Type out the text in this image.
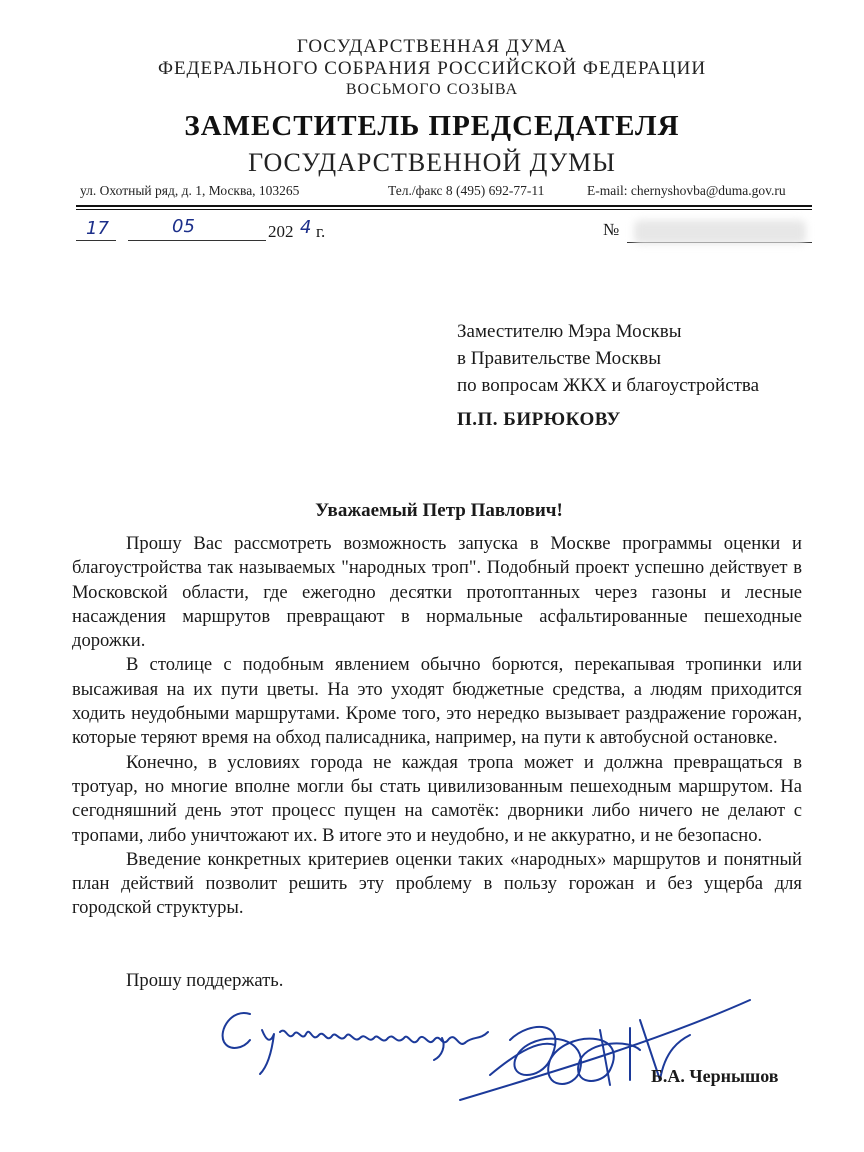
ГОСУДАРСТВЕННАЯ ДУМА
ФЕДЕРАЛЬНОГО СОБРАНИЯ РОССИЙСКОЙ ФЕДЕРАЦИИ
ВОСЬМОГО СОЗЫВА
ЗАМЕСТИТЕЛЬ ПРЕДСЕДАТЕЛЯ
ГОСУДАРСТВЕННОЙ ДУМЫ
ул. Охотный ряд, д. 1, Москва, 103265	Тел./факс 8 (495) 692-77-11	E-mail: chernyshovba@duma.gov.ru
17	05	202 4 г.	№
Заместителю Мэра Москвы
в Правительстве Москвы
по вопросам ЖКХ и благоустройства
П.П. БИРЮКОВУ
Уважаемый Петр Павлович!

Прошу Вас рассмотреть возможность запуска в Москве программы оценки и благоустройства так называемых "народных троп". Подобный проект успешно действует в Московской области, где ежегодно десятки протоптанных через газоны и лесные насаждения маршрутов превращают в нормальные асфальтированные пешеходные дорожки.

В столице с подобным явлением обычно борются, перекапывая тропинки или высаживая на их пути цветы. На это уходят бюджетные средства, а людям приходится ходить неудобными маршрутами. Кроме того, это нередко вызывает раздражение горожан, которые теряют время на обход палисадника, например, на пути к автобусной остановке.

Конечно, в условиях города не каждая тропа может и должна превращаться в тротуар, но многие вполне могли бы стать цивилизованным пешеходным маршрутом. На сегодняшний день этот процесс пущен на самотёк: дворники либо ничего не делают с тропами, либо уничтожают их. В итоге это и неудобно, и не аккуратно, и не безопасно.

Введение конкретных критериев оценки таких «народных» маршрутов и понятный план действий позволит решить эту проблему в пользу горожан и без ущерба для городской структуры.

Прошу поддержать.
Б.А. Чернышов
